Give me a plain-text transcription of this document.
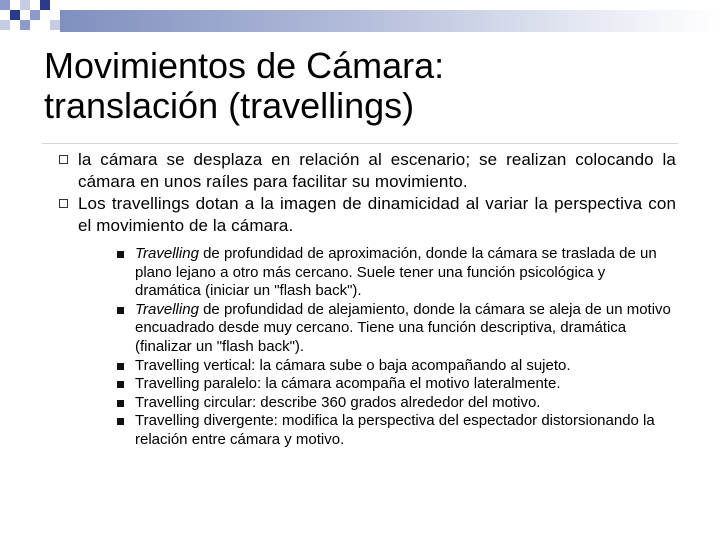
Movimientos de Cámara:
translación (travellings)
la cámara se desplaza en relación al escenario; se realizan colocando la cámara en unos raíles para facilitar su movimiento.
Los travellings dotan a la imagen de dinamicidad al variar la perspectiva con el movimiento de la cámara.
Travelling de profundidad de aproximación, donde la cámara se traslada de un plano lejano a otro más cercano. Suele tener una función psicológica y dramática (iniciar un "flash back").
Travelling de profundidad de alejamiento, donde la cámara se aleja de un motivo encuadrado desde muy cercano. Tiene una función descriptiva, dramática (finalizar un "flash back").
Travelling vertical: la cámara sube o baja acompañando al sujeto.
Travelling paralelo: la cámara acompaña el motivo lateralmente.
Travelling circular: describe 360 grados alrededor del motivo.
Travelling divergente: modifica la perspectiva del espectador distorsionando la relación entre cámara y motivo.
